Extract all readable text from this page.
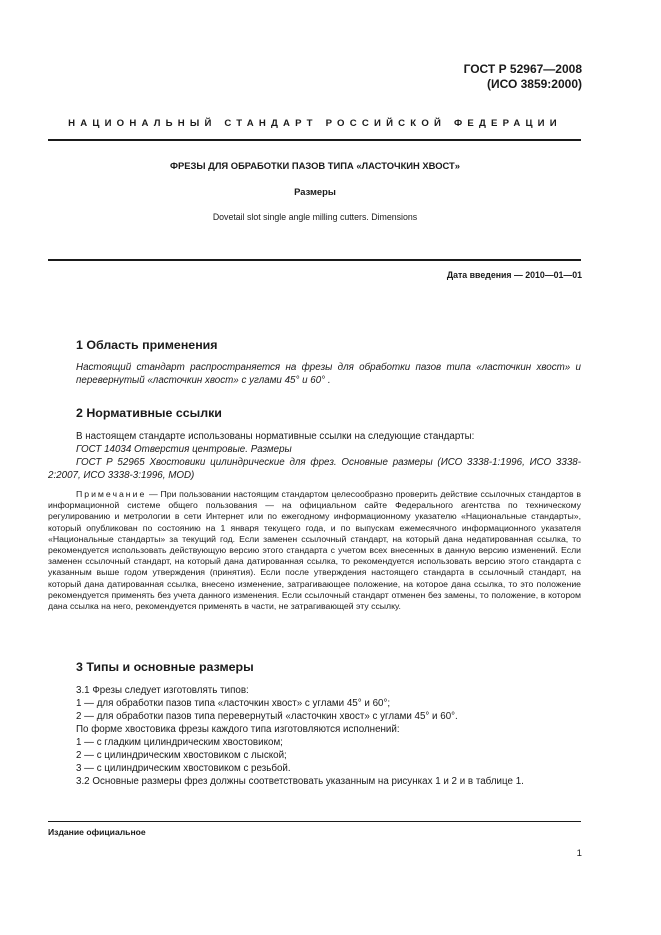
ГОСТ Р 52967—2008
(ИСО 3859:2000)
НАЦИОНАЛЬНЫЙ СТАНДАРТ РОССИЙСКОЙ ФЕДЕРАЦИИ
ФРЕЗЫ ДЛЯ ОБРАБОТКИ ПАЗОВ ТИПА «ЛАСТОЧКИН ХВОСТ»
Размеры
Dovetail slot single angle milling cutters. Dimensions
Дата введения — 2010—01—01
1 Область применения

Настоящий стандарт распространяется на фрезы для обработки пазов типа «ласточкин хвост» и перевернутый «ласточкин хвост» с углами 45° и 60° .

2 Нормативные ссылки

В настоящем стандарте использованы нормативные ссылки на следующие стандарты:

ГОСТ 14034 Отверстия центровые. Размеры

ГОСТ Р 52965 Хвостовики цилиндрические для фрез. Основные размеры (ИСО 3338-1:1996, ИСО 3338-2:2007, ИСО 3338-3:1996, MOD)

Примечание — При пользовании настоящим стандартом целесообразно проверить действие ссылочных стандартов в информационной системе общего пользования — на официальном сайте Федерального агентства по техническому регулированию и метрологии в сети Интернет или по ежегодному информационному указателю «Национальные стандарты», который опубликован по состоянию на 1 января текущего года, и по выпускам ежемесячного информационного указателя «Национальные стандарты» за текущий год. Если заменен ссылочный стандарт, на который дана недатированная ссылка, то рекомендуется использовать действующую версию этого стандарта с учетом всех внесенных в данную версию изменений. Если заменен ссылочный стандарт, на который дана датированная ссылка, то рекомендуется использовать версию этого стандарта с указанным выше годом утверждения (принятия). Если после утверждения настоящего стандарта в ссылочный стандарт, на который дана датированная ссылка, внесено изменение, затрагивающее положение, на которое дана ссылка, то это положение рекомендуется применять без учета данного изменения. Если ссылочный стандарт отменен без замены, то положение, в котором дана ссылка на него, рекомендуется применять в части, не затрагивающей эту ссылку.

3 Типы и основные размеры

3.1 Фрезы следует изготовлять типов:

1 — для обработки пазов типа «ласточкин хвост» с углами 45° и 60°;

2 — для обработки пазов типа перевернутый «ласточкин хвост» с углами 45° и 60°.

По форме хвостовика фрезы каждого типа изготовляются исполнений:

1 — с гладким цилиндрическим хвостовиком;

2 — с цилиндрическим хвостовиком с лыской;

3 — с цилиндрическим хвостовиком с резьбой.

3.2 Основные размеры фрез должны соответствовать указанным на рисунках 1 и 2 и в таблице 1.

Издание официальное
1
